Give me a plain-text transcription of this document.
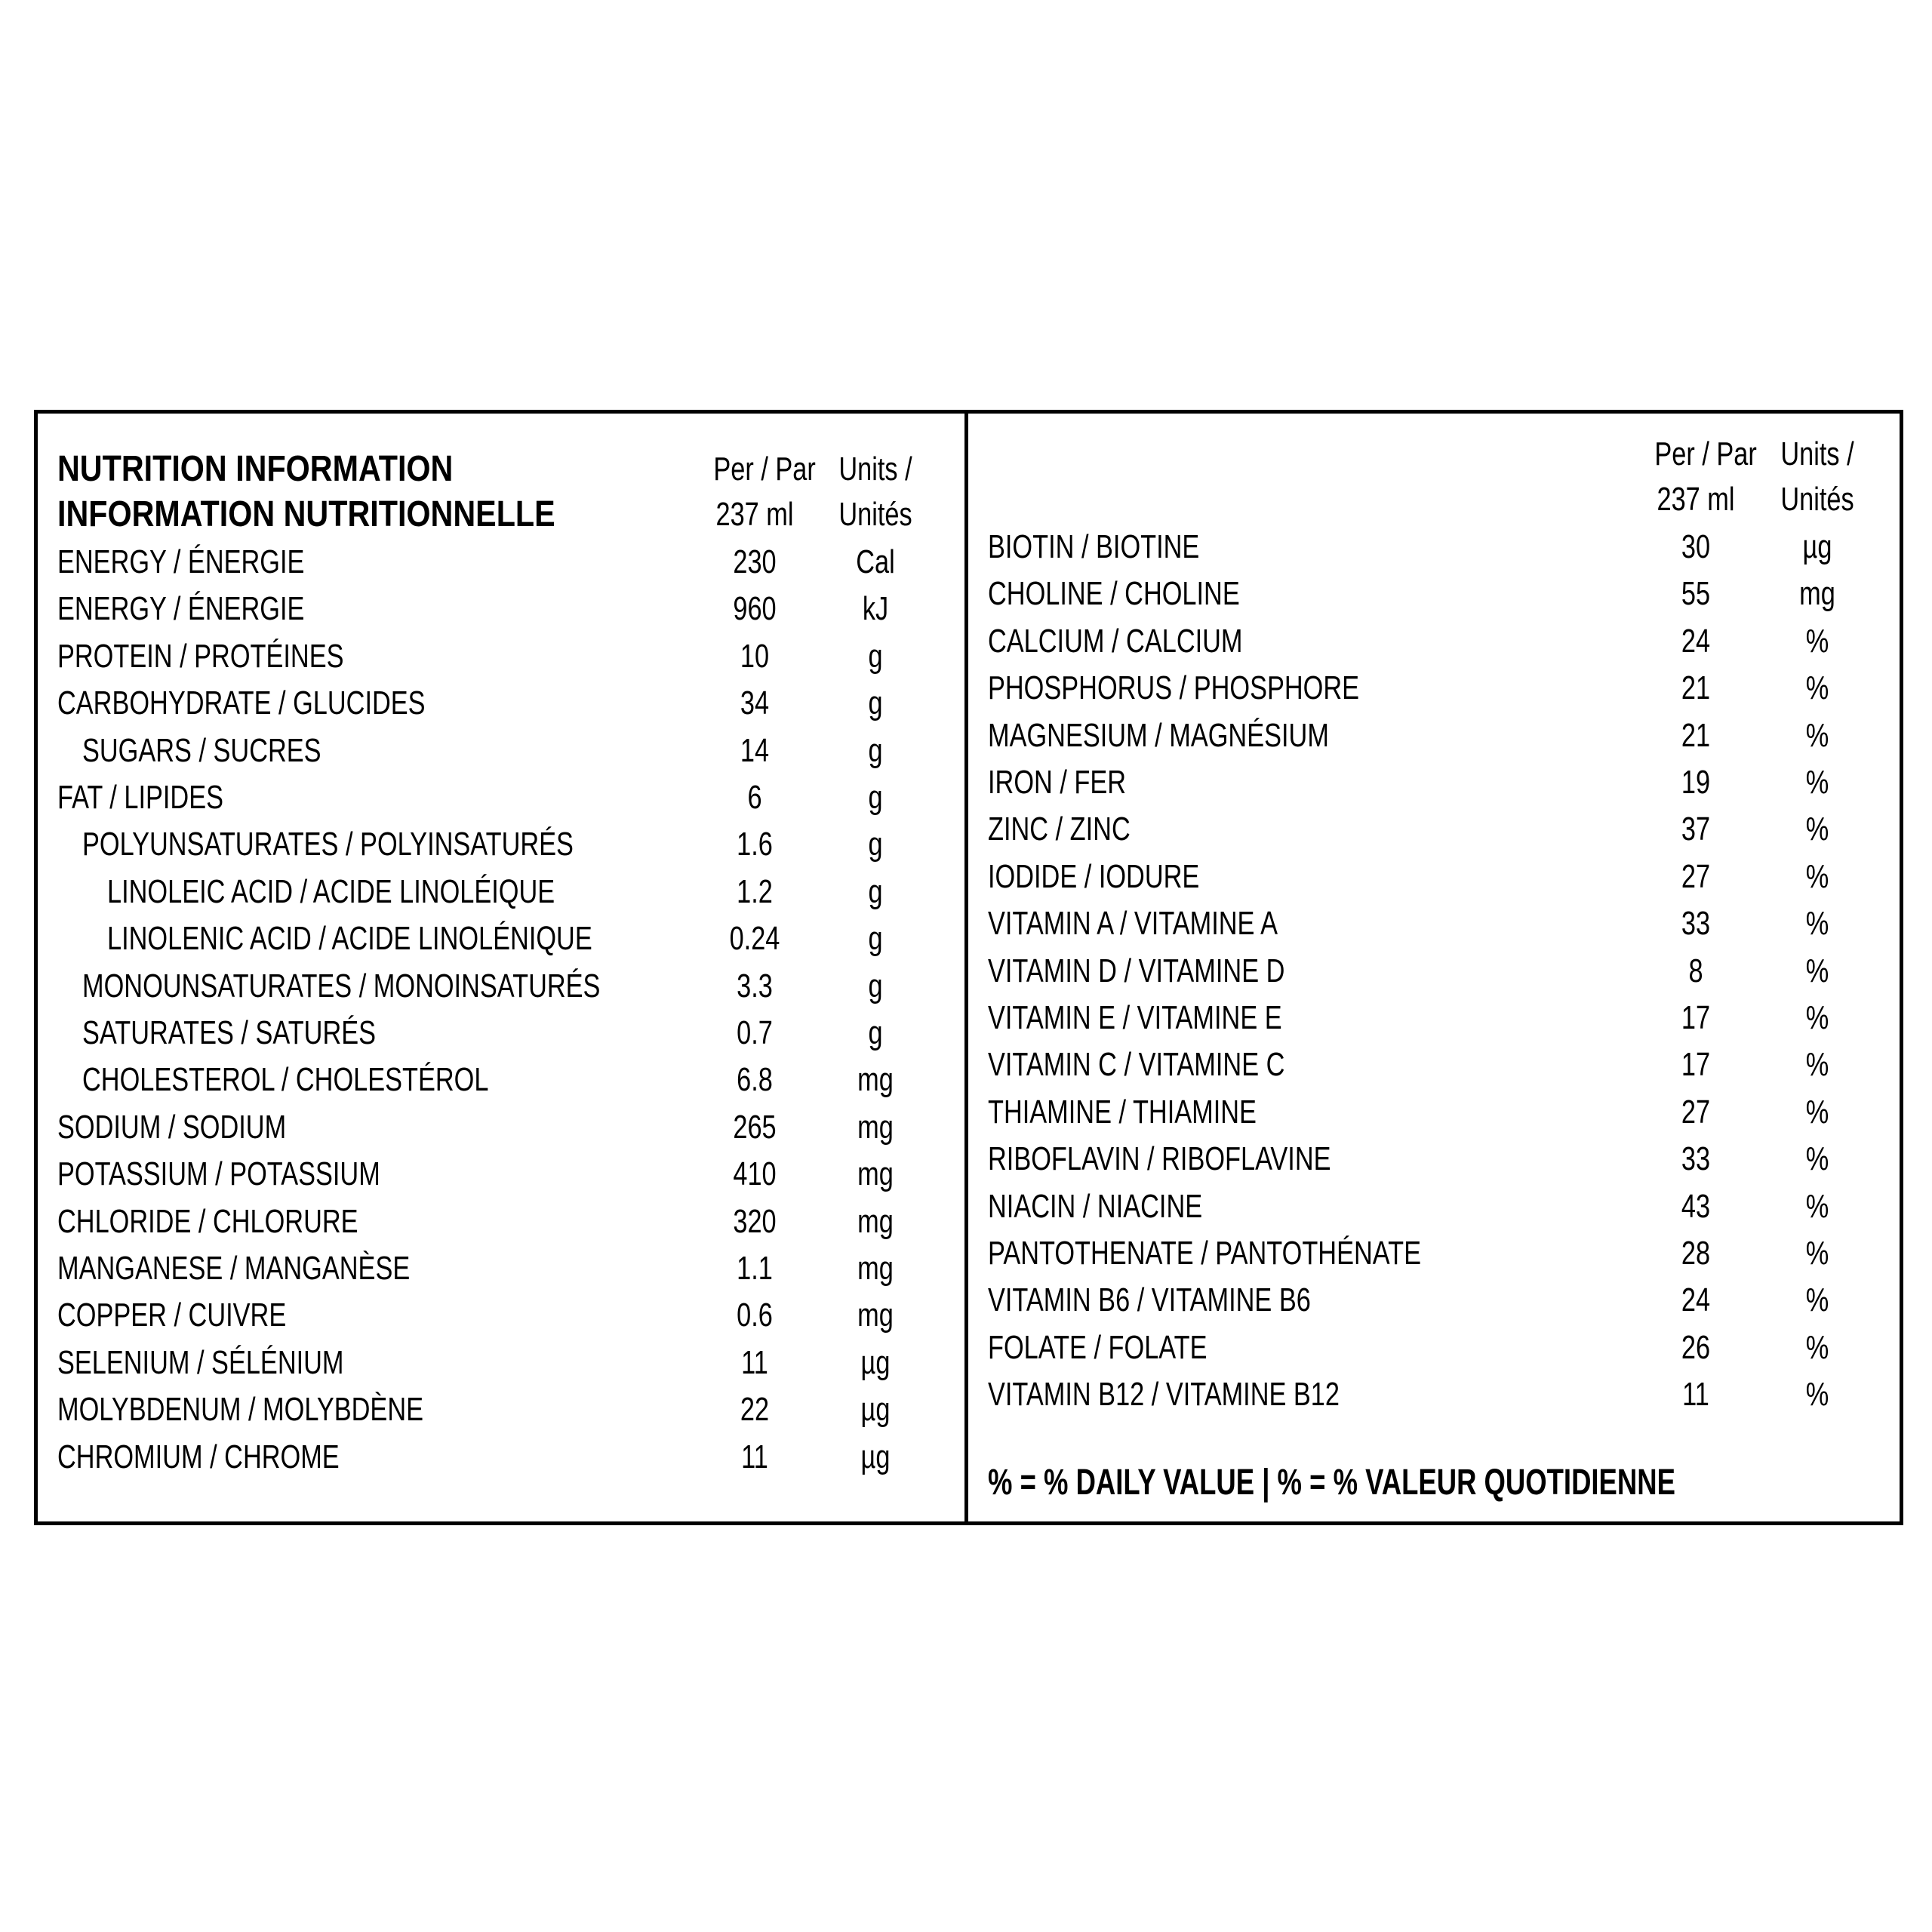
NUTRITION INFORMATION
INFORMATION NUTRITIONNELLE
Per / Par
237 ml
Units /
Unités
ENERGY / ÉNERGIE	230	Cal
ENERGY / ÉNERGIE	960	kJ
PROTEIN / PROTÉINES	10	g
CARBOHYDRATE / GLUCIDES	34	g
SUGARS / SUCRES	14	g
FAT / LIPIDES	6	g
POLYUNSATURATES / POLYINSATURÉS	1.6	g
LINOLEIC ACID / ACIDE LINOLÉIQUE	1.2	g
LINOLENIC ACID / ACIDE LINOLÉNIQUE	0.24	g
MONOUNSATURATES / MONOINSATURÉS	3.3	g
SATURATES / SATURÉS	0.7	g
CHOLESTEROL / CHOLESTÉROL	6.8	mg
SODIUM / SODIUM	265	mg
POTASSIUM / POTASSIUM	410	mg
CHLORIDE / CHLORURE	320	mg
MANGANESE / MANGANÈSE	1.1	mg
COPPER / CUIVRE	0.6	mg
SELENIUM / SÉLÉNIUM	11	µg
MOLYBDENUM / MOLYBDÈNE	22	µg
CHROMIUM / CHROME	11	µg
Per / Par
237 ml
Units /
Unités
BIOTIN / BIOTINE	30	µg
CHOLINE / CHOLINE	55	mg
CALCIUM / CALCIUM	24	%
PHOSPHORUS / PHOSPHORE	21	%
MAGNESIUM / MAGNÉSIUM	21	%
IRON / FER	19	%
ZINC / ZINC	37	%
IODIDE / IODURE	27	%
VITAMIN A / VITAMINE A	33	%
VITAMIN D / VITAMINE D	8	%
VITAMIN E / VITAMINE E	17	%
VITAMIN C / VITAMINE C	17	%
THIAMINE / THIAMINE	27	%
RIBOFLAVIN / RIBOFLAVINE	33	%
NIACIN / NIACINE	43	%
PANTOTHENATE / PANTOTHÉNATE	28	%
VITAMIN B6 / VITAMINE B6	24	%
FOLATE / FOLATE	26	%
VITAMIN B12 / VITAMINE B12	11	%
% = % DAILY VALUE | % = % VALEUR QUOTIDIENNE
